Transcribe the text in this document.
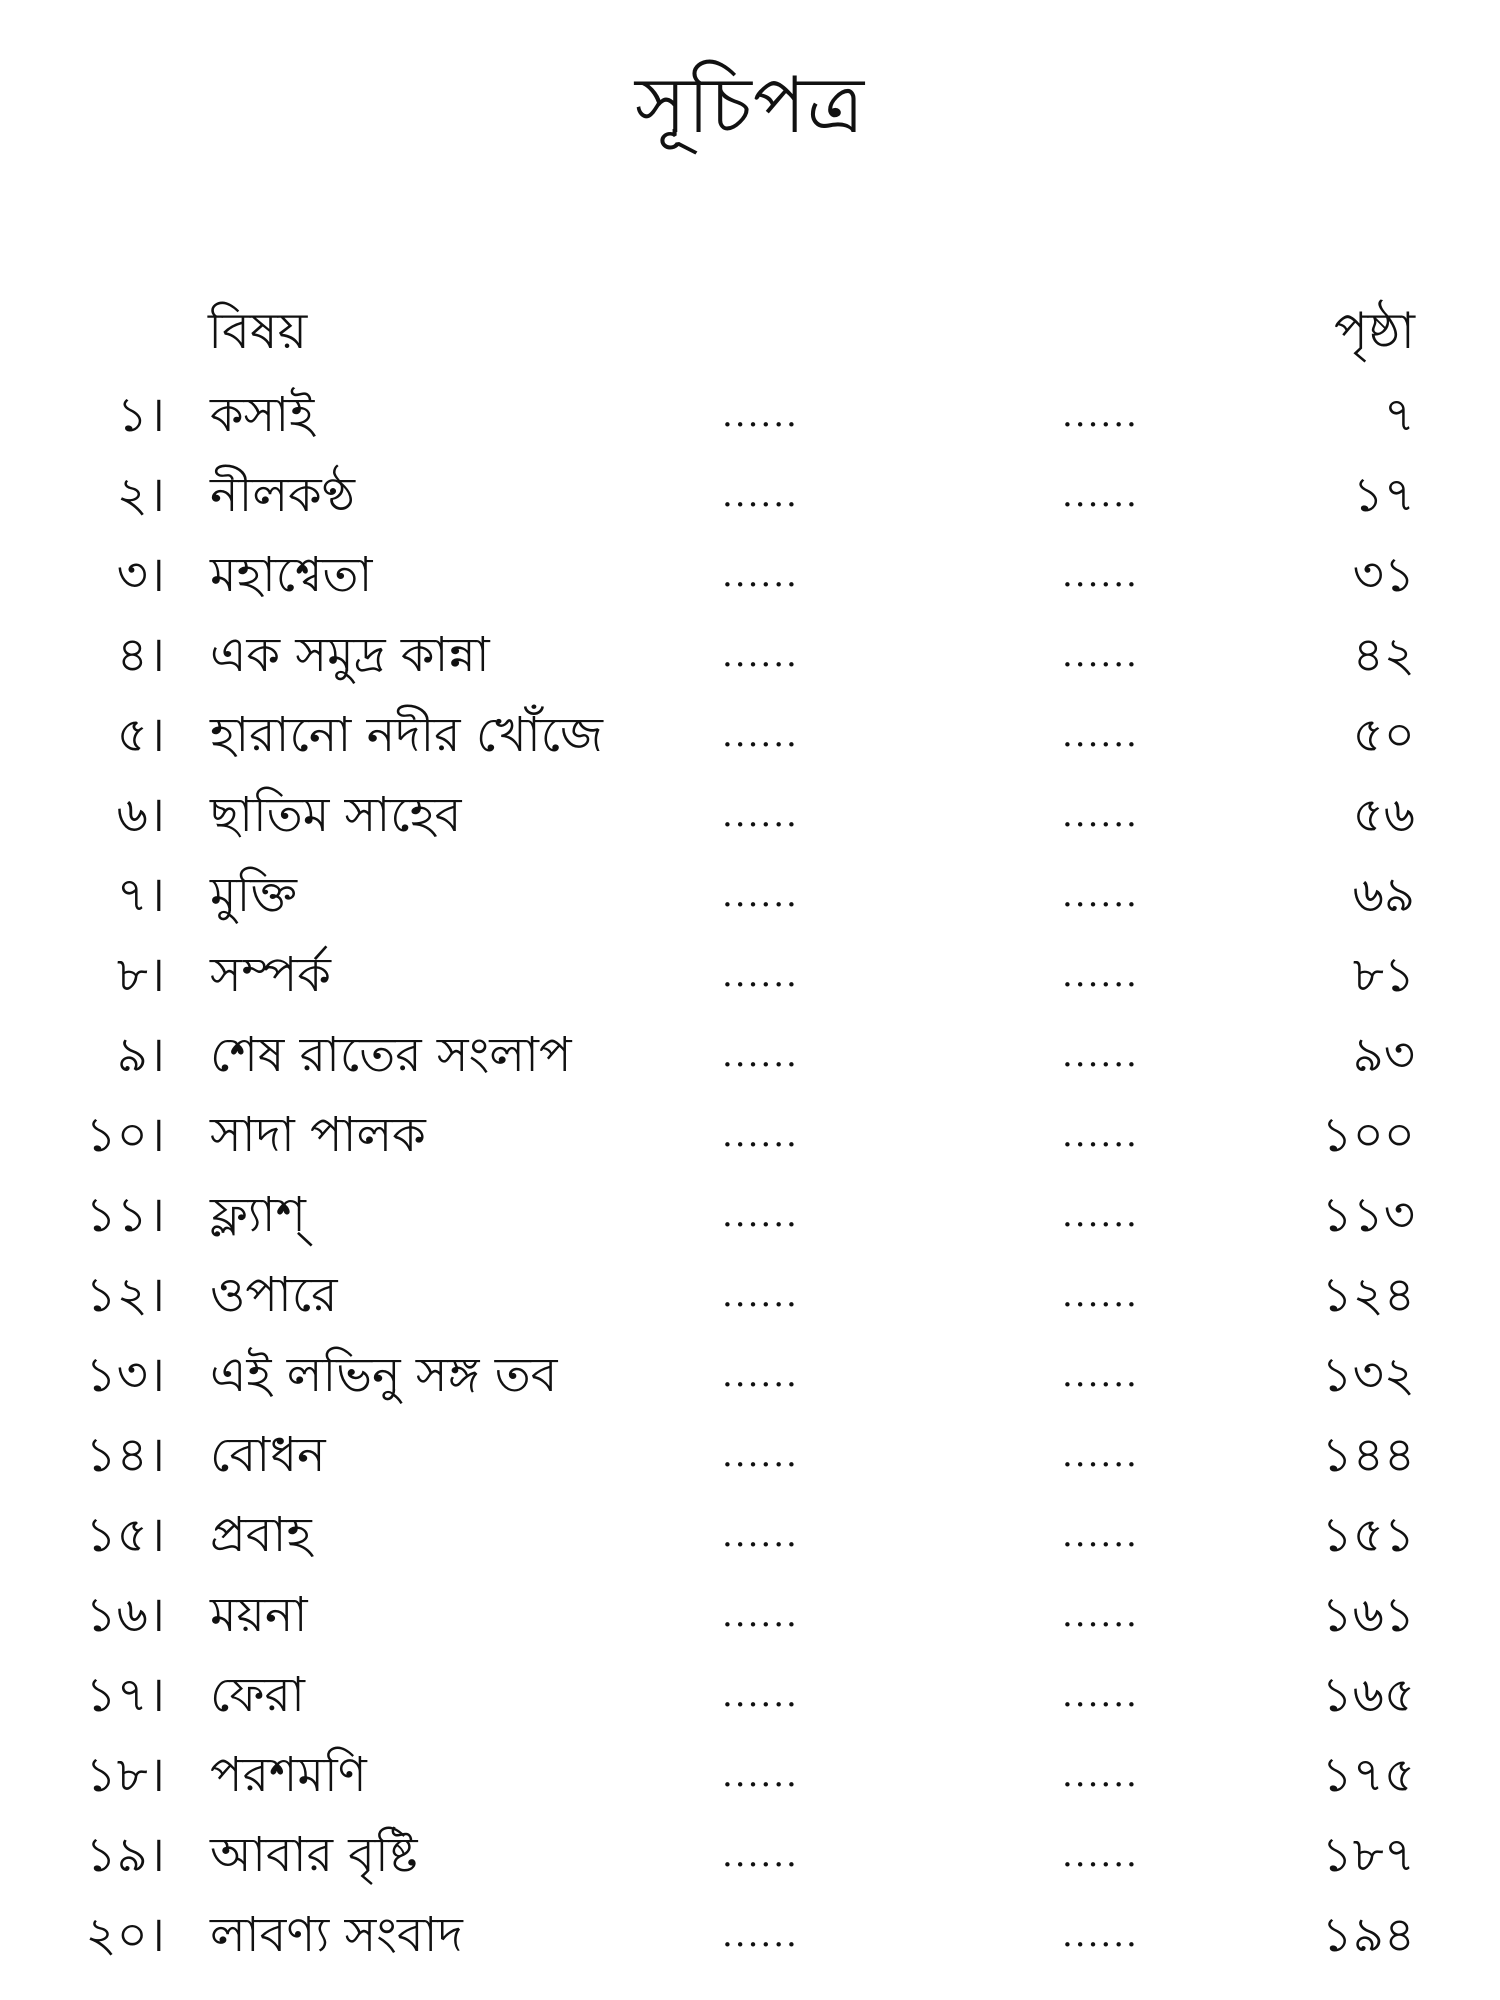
সূচিপত্র
বিষয়	পৃষ্ঠা
১। কসাই	......	......	৭
২। নীলকণ্ঠ	......	......	১৭
৩। মহাশ্বেতা	......	......	৩১
৪। এক সমুদ্র কান্না	......	......	৪২
৫। হারানো নদীর খোঁজে	......	......	৫০
৬। ছাতিম সাহেব	......	......	৫৬
৭। মুক্তি	......	......	৬৯
৮। সম্পর্ক	......	......	৮১
৯। শেষ রাতের সংলাপ	......	......	৯৩
১০। সাদা পালক	......	......	১০০
১১। ফ্ল্যাশ্	......	......	১১৩
১২। ওপারে	......	......	১২৪
১৩। এই লভিনু সঙ্গ তব	......	......	১৩২
১৪। বোধন	......	......	১৪৪
১৫। প্রবাহ	......	......	১৫১
১৬। ময়না	......	......	১৬১
১৭। ফেরা	......	......	১৬৫
১৮। পরশমণি	......	......	১৭৫
১৯। আবার বৃষ্টি	......	......	১৮৭
২০। লাবণ্য সংবাদ	......	......	১৯৪
